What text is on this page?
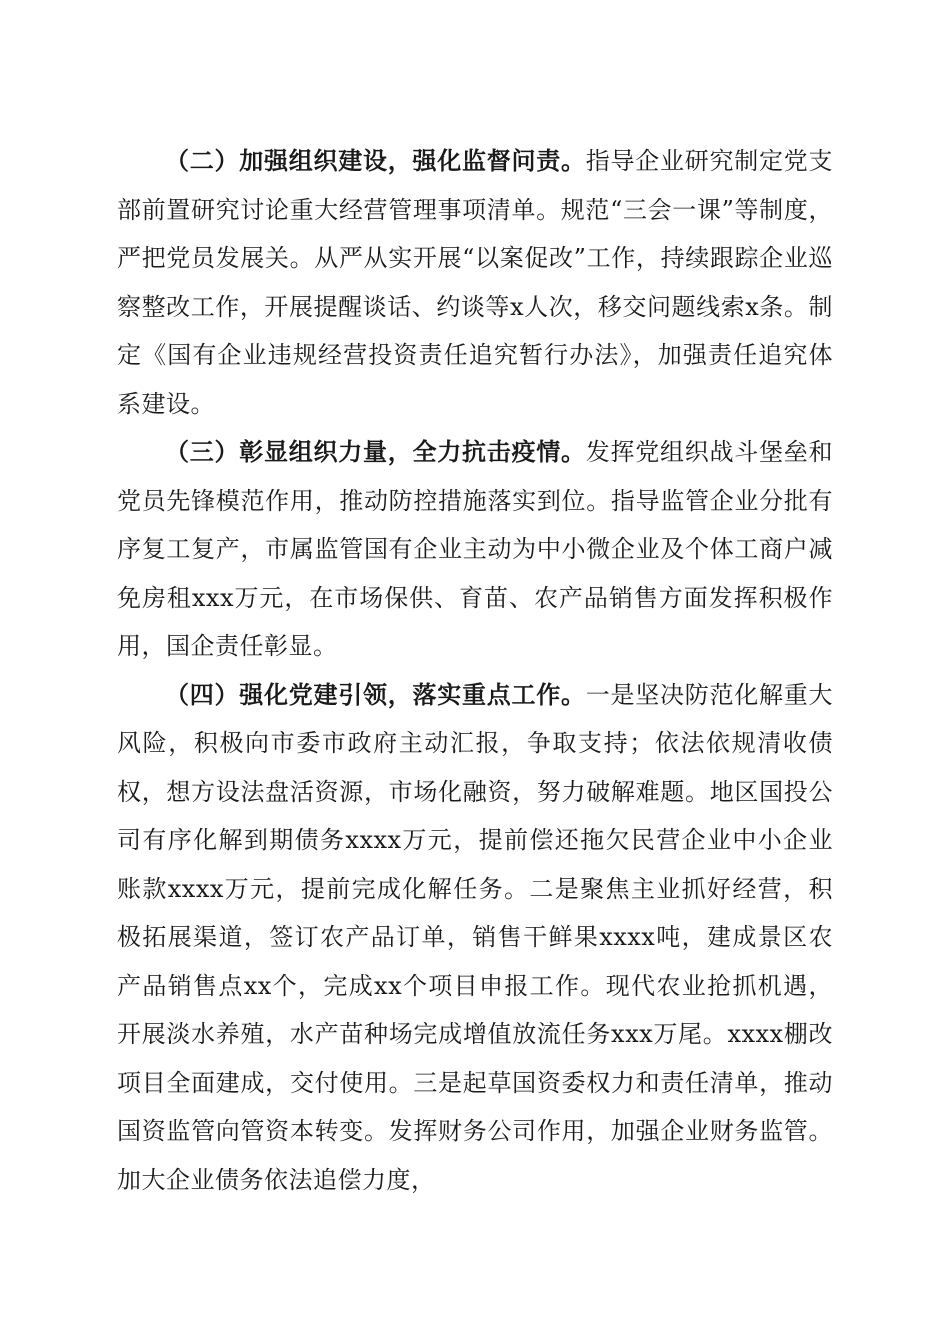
（二）加强组织建设，强化监督问责。指导企业研究制定党支部前置研究讨论重大经营管理事项清单。规范“三会一课”等制度，严把党员发展关。从严从实开展“以案促改”工作，持续跟踪企业巡察整改工作，开展提醒谈话、约谈等x人次，移交问题线索x条。制定《国有企业违规经营投资责任追究暂行办法》，加强责任追究体系建设。

（三）彰显组织力量，全力抗击疫情。发挥党组织战斗堡垒和党员先锋模范作用，推动防控措施落实到位。指导监管企业分批有序复工复产，市属监管国有企业主动为中小微企业及个体工商户减免房租xxx万元，在市场保供、育苗、农产品销售方面发挥积极作用，国企责任彰显。

（四）强化党建引领，落实重点工作。一是坚决防范化解重大风险，积极向市委市政府主动汇报，争取支持；依法依规清收债权，想方设法盘活资源，市场化融资，努力破解难题。地区国投公司有序化解到期债务xxxx万元，提前偿还拖欠民营企业中小企业账款xxxx万元，提前完成化解任务。二是聚焦主业抓好经营，积极拓展渠道，签订农产品订单，销售干鲜果xxxx吨，建成景区农产品销售点xx个，完成xx个项目申报工作。现代农业抢抓机遇，开展淡水养殖，水产苗种场完成增值放流任务xxx万尾。xxxx棚改项目全面建成，交付使用。三是起草国资委权力和责任清单，推动国资监管向管资本转变。发挥财务公司作用，加强企业财务监管。加大企业债务依法追偿力度，
